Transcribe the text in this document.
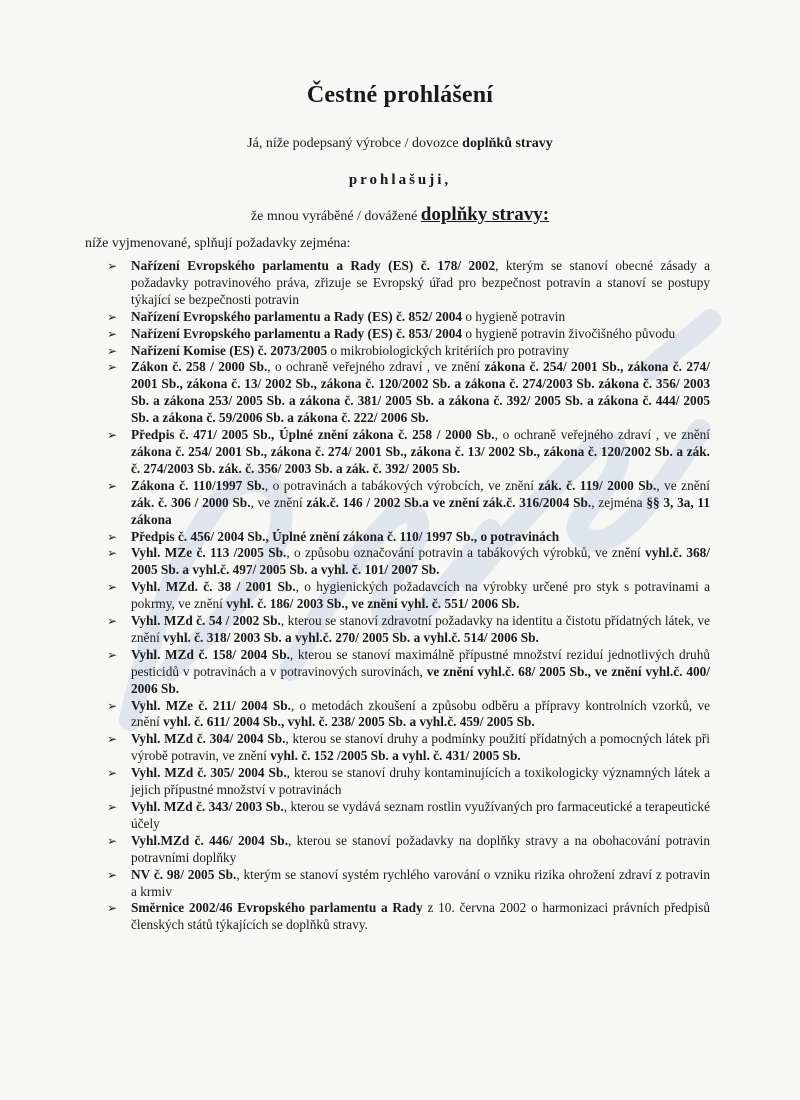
Čestné prohlášení
Já, níže podepsaný výrobce / dovozce doplňků stravy
prohlašuji,
že mnou vyráběné / dovážené doplňky stravy:
níže vyjmenované, splňují požadavky zejména:
➢ Nařízení Evropského parlamentu a Rady (ES) č. 178/ 2002, kterým se stanoví obecné zásady a požadavky potravinového práva, zřizuje se Evropský úřad pro bezpečnost potravin a stanoví se postupy týkající se bezpečnosti potravin
➢ Nařízení Evropského parlamentu a Rady (ES) č. 852/ 2004 o hygieně potravin
➢ Nařízení Evropského parlamentu a Rady (ES) č. 853/ 2004 o hygieně potravin živočišného původu
➢ Nařízení Komise (ES) č. 2073/2005 o mikrobiologických kritériích pro potraviny
➢ Zákon č. 258 / 2000 Sb., o ochraně veřejného zdraví , ve znění zákona č. 254/ 2001 Sb., zákona č. 274/ 2001 Sb., zákona č. 13/ 2002 Sb., zákona č. 120/2002 Sb. a zákona č. 274/2003 Sb. zákona č. 356/ 2003 Sb. a zákona 253/ 2005 Sb. a zákona č. 381/ 2005 Sb. a zákona č. 392/ 2005 Sb. a zákona č. 444/ 2005 Sb. a zákona č. 59/2006 Sb. a zákona č. 222/ 2006 Sb.
➢ Předpis č. 471/ 2005 Sb., Úplné znění zákona č. 258 / 2000 Sb., o ochraně veřejného zdraví , ve znění zákona č. 254/ 2001 Sb., zákona č. 274/ 2001 Sb., zákona č. 13/ 2002 Sb., zákona č. 120/2002 Sb. a zák. č. 274/2003 Sb. zák. č. 356/ 2003 Sb. a zák. č. 392/ 2005 Sb.
➢ Zákona č. 110/1997 Sb., o potravinách a tabákových výrobcích, ve znění zák. č. 119/ 2000 Sb., ve znění zák. č. 306 / 2000 Sb., ve znění zák.č. 146 / 2002 Sb.a ve znění zák.č. 316/2004 Sb., zejména §§ 3, 3a, 11 zákona
➢ Předpis č. 456/ 2004 Sb., Úplné znění zákona č. 110/ 1997 Sb., o potravinách
➢ Vyhl. MZe č. 113 /2005 Sb., o způsobu označování potravin a tabákových výrobků, ve znění vyhl.č. 368/ 2005 Sb. a vyhl.č. 497/ 2005 Sb. a vyhl. č. 101/ 2007 Sb.
➢ Vyhl. MZd. č. 38 / 2001 Sb., o hygienických požadavcích na výrobky určené pro styk s potravinami a pokrmy, ve znění vyhl. č. 186/ 2003 Sb., ve znění vyhl. č. 551/ 2006 Sb.
➢ Vyhl. MZd č. 54 / 2002 Sb., kterou se stanoví zdravotní požadavky na identitu a čistotu přídatných látek, ve znění vyhl. č. 318/ 2003 Sb. a vyhl.č. 270/ 2005 Sb. a vyhl.č. 514/ 2006 Sb.
➢ Vyhl. MZd č. 158/ 2004 Sb., kterou se stanoví maximálně přípustné množství reziduí jednotlivých druhů pesticidů v potravinách a v potravinových surovinách, ve znění vyhl.č. 68/ 2005 Sb., ve znění vyhl.č. 400/ 2006 Sb.
➢ Vyhl. MZe č. 211/ 2004 Sb., o metodách zkoušení a způsobu odběru a přípravy kontrolních vzorků, ve znění vyhl. č. 611/ 2004 Sb., vyhl. č. 238/ 2005 Sb. a vyhl.č. 459/ 2005 Sb.
➢ Vyhl. MZd č. 304/ 2004 Sb., kterou se stanoví druhy a podmínky použití přídatných a pomocných látek při výrobě potravin, ve znění vyhl. č. 152 /2005 Sb. a vyhl. č. 431/ 2005 Sb.
➢ Vyhl. MZd č. 305/ 2004 Sb., kterou se stanoví druhy kontaminujících a toxikologicky významných látek a jejich přípustné množství v potravinách
➢ Vyhl. MZd č. 343/ 2003 Sb., kterou se vydává seznam rostlin využívaných pro farmaceutické a terapeutické účely
➢ Vyhl.MZd č. 446/ 2004 Sb., kterou se stanoví požadavky na doplňky stravy a na obohacování potravin potravními doplňky
➢ NV č. 98/ 2005 Sb., kterým se stanoví systém rychlého varování o vzniku rizika ohrožení zdraví z potravin a krmiv
➢ Směrnice 2002/46 Evropského parlamentu a Rady z 10. června 2002 o harmonizaci právních předpisů členských států týkajících se doplňků stravy.
